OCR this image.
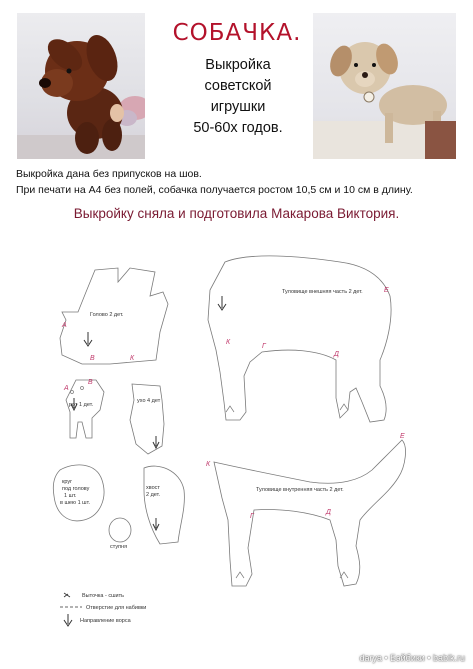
СОБАЧКА.
Выкройка
советской
игрушки
50-60х годов.
Выкройка дана без припусков на шов.
При печати на А4 без полей, собачка получается ростом 10,5 см и 10 см в длину.
Выкройку сняла и подготовила Макарова Виктория.
Голово 2 дет.
рот 1 дет.
ухо 4 дет
круг
под голову
1 шт.
в шею 1 шт.
хвост
2 дет.
ступня
Туловище внешняя часть 2 дет.
Туловище внутренняя часть 2 дет.
А
В	К
А
В
К
Г
Е
Д
К
Г
Е
Д
Выточка - сшить
Отверстие для набивки
Направление ворса
darya • Бэйбики • babik.ru
